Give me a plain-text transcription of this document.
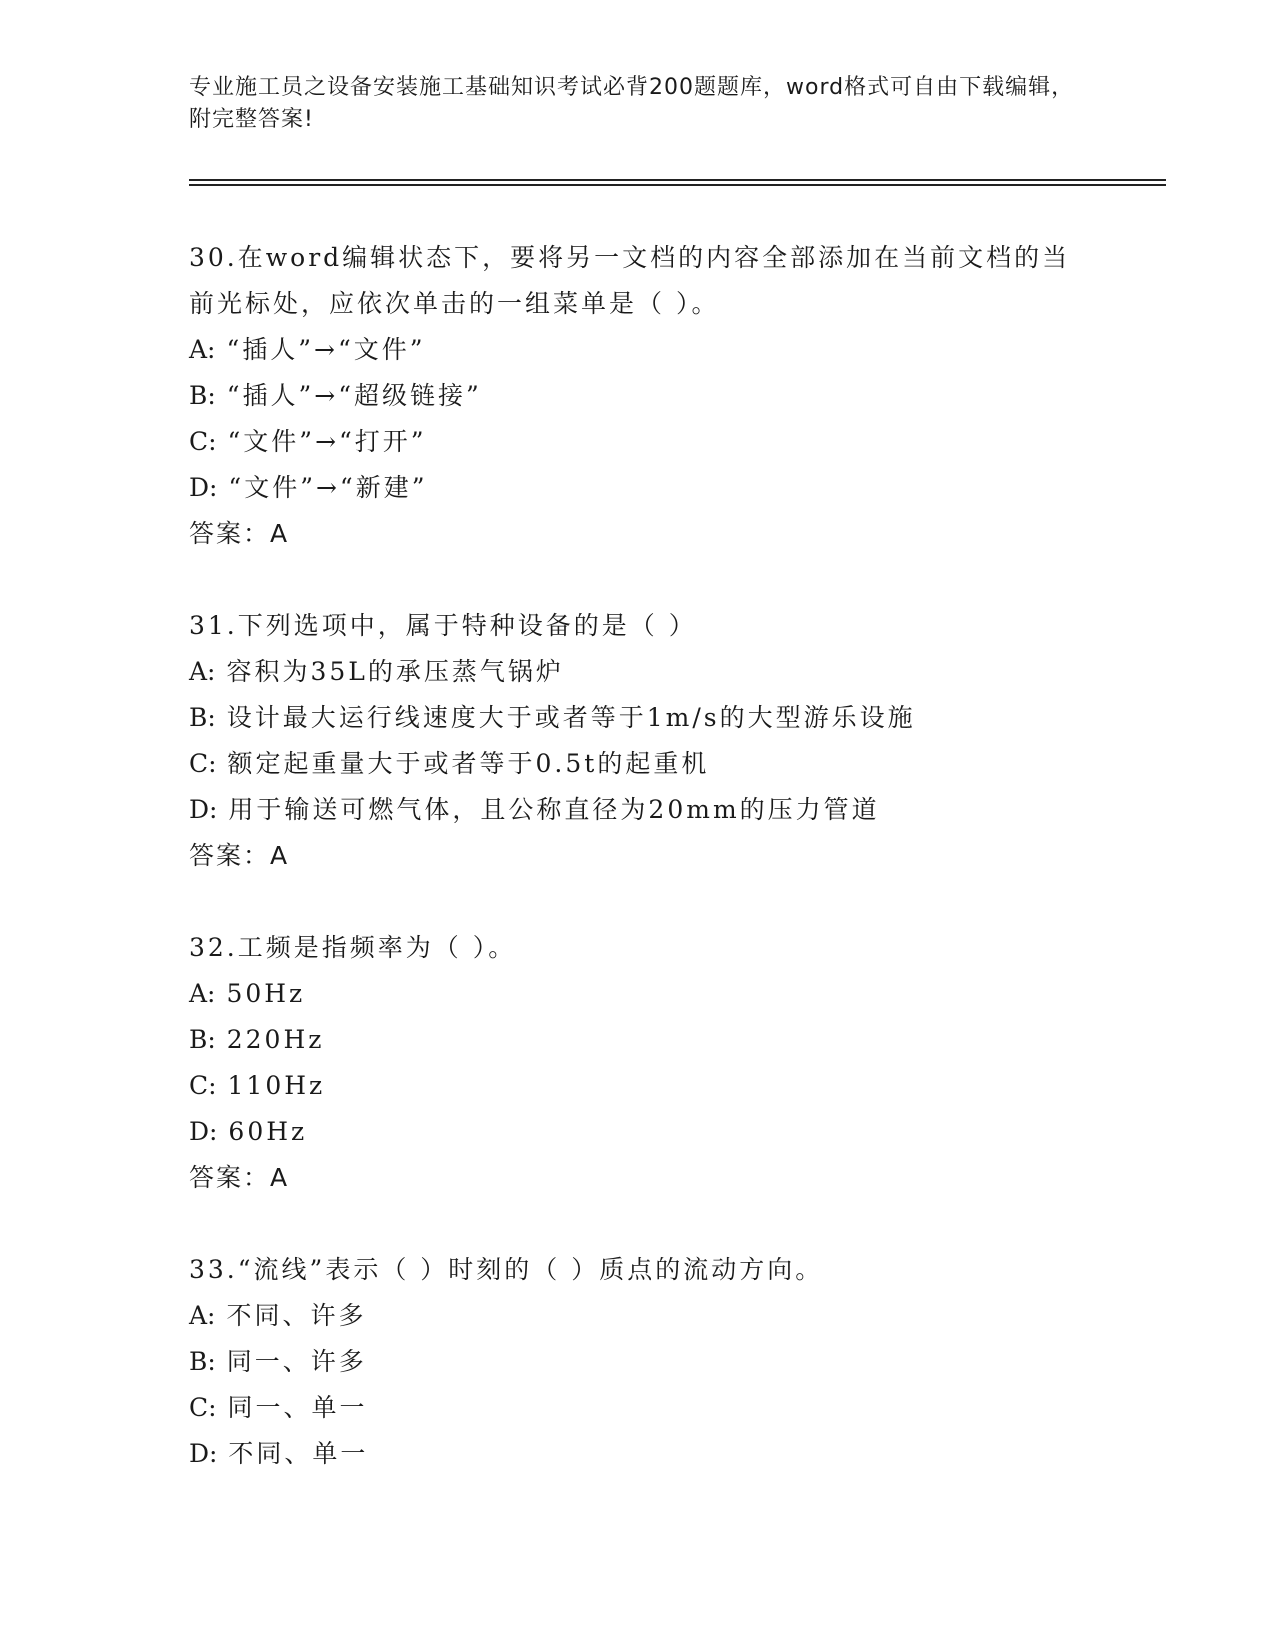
专业施工员之设备安装施工基础知识考试必背200题题库，word格式可自由下载编辑，附完整答案!
30.在word编辑状态下，要将另一文档的内容全部添加在当前文档的当前光标处，应依次单击的一组菜单是（ ）。
A: “插人”→“文件”
B: “插人”→“超级链接”
C: “文件”→“打开”
D: “文件”→“新建”
答案：A
31.下列选项中，属于特种设备的是（ ）
A: 容积为35L的承压蒸气锅炉
B: 设计最大运行线速度大于或者等于1m/s的大型游乐设施
C: 额定起重量大于或者等于0.5t的起重机
D: 用于输送可燃气体，且公称直径为20mm的压力管道
答案：A
32.工频是指频率为（ ）。
A: 50Hz
B: 220Hz
C: 110Hz
D: 60Hz
答案：A
33.“流线”表示（ ）时刻的（ ）质点的流动方向。
A: 不同、许多
B: 同一、许多
C: 同一、单一
D: 不同、单一
